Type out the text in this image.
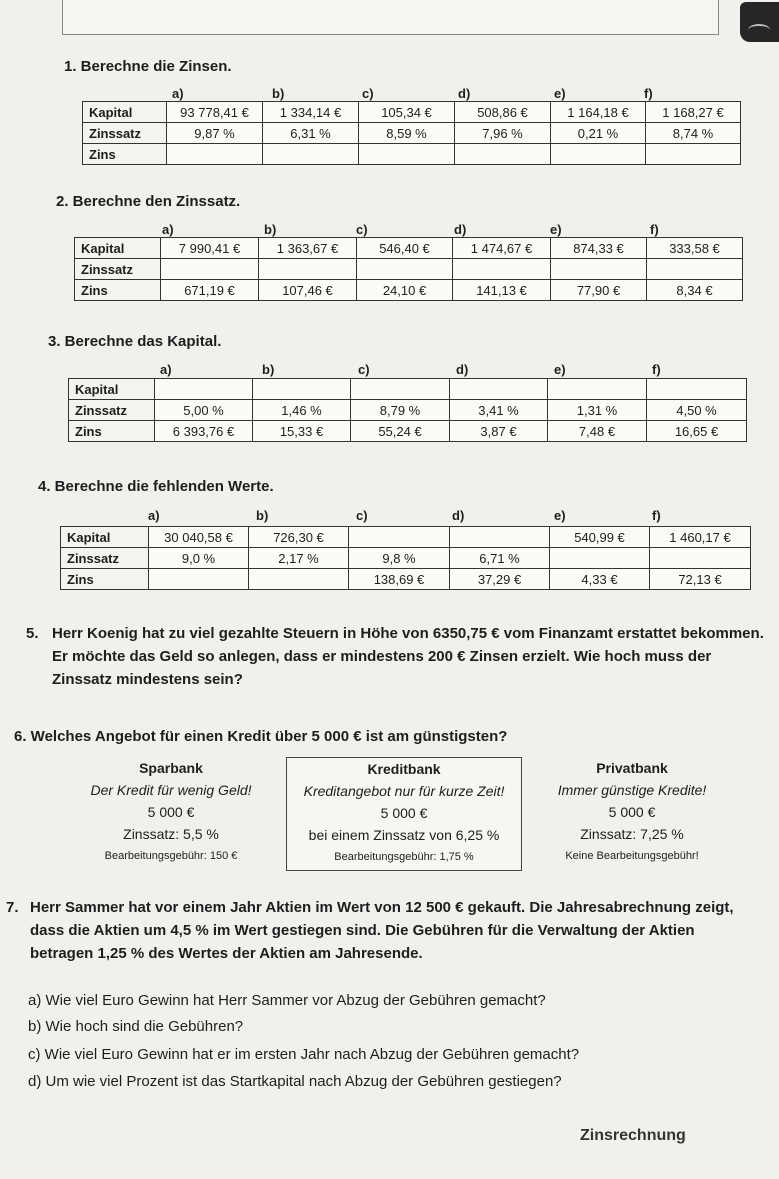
1. Berechne die Zinsen.
a)	b)	c)	d)	e)	f)
Kapital	93 778,41 €	1 334,14 €	105,34 €	508,86 €	1 164,18 €	1 168,27 €
Zinssatz	9,87 %	6,31 %	8,59 %	7,96 %	0,21 %	8,74 %
Zins						
2. Berechne den Zinssatz.
a)	b)	c)	d)	e)	f)
Kapital	7 990,41 €	1 363,67 €	546,40 €	1 474,67 €	874,33 €	333,58 €
Zinssatz						
Zins	671,19 €	107,46 €	24,10 €	141,13 €	77,90 €	8,34 €
3. Berechne das Kapital.
a)	b)	c)	d)	e)	f)
Kapital						
Zinssatz	5,00 %	1,46 %	8,79 %	3,41 %	1,31 %	4,50 %
Zins	6 393,76 €	15,33 €	55,24 €	3,87 €	7,48 €	16,65 €
4. Berechne die fehlenden Werte.
a)	b)	c)	d)	e)	f)
Kapital	30 040,58 €	726,30 €			540,99 €	1 460,17 €
Zinssatz	9,0 %	2,17 %	9,8 %	6,71 %		
Zins			138,69 €	37,29 €	4,33 €	72,13 €
5. Herr Koenig hat zu viel gezahlte Steuern in Höhe von 6350,75 € vom Finanzamt erstattet bekommen. Er möchte das Geld so anlegen, dass er mindestens 200 € Zinsen erzielt. Wie hoch muss der Zinssatz mindestens sein?
6. Welches Angebot für einen Kredit über 5 000 € ist am günstigsten?
Sparbank
Der Kredit für wenig Geld!
5 000 €
Zinssatz: 5,5 %
Bearbeitungsgebühr: 150 €
Kreditbank
Kreditangebot nur für kurze Zeit!
5 000 €
bei einem Zinssatz von 6,25 %
Bearbeitungsgebühr: 1,75 %
Privatbank
Immer günstige Kredite!
5 000 €
Zinssatz: 7,25 %
Keine Bearbeitungsgebühr!
7. Herr Sammer hat vor einem Jahr Aktien im Wert von 12 500 € gekauft. Die Jahresabrechnung zeigt, dass die Aktien um 4,5 % im Wert gestiegen sind. Die Gebühren für die Verwaltung der Aktien betragen 1,25 % des Wertes der Aktien am Jahresende.
a) Wie viel Euro Gewinn hat Herr Sammer vor Abzug der Gebühren gemacht?
b) Wie hoch sind die Gebühren?
c) Wie viel Euro Gewinn hat er im ersten Jahr nach Abzug der Gebühren gemacht?
d) Um wie viel Prozent ist das Startkapital nach Abzug der Gebühren gestiegen?
Zinsrechnung
